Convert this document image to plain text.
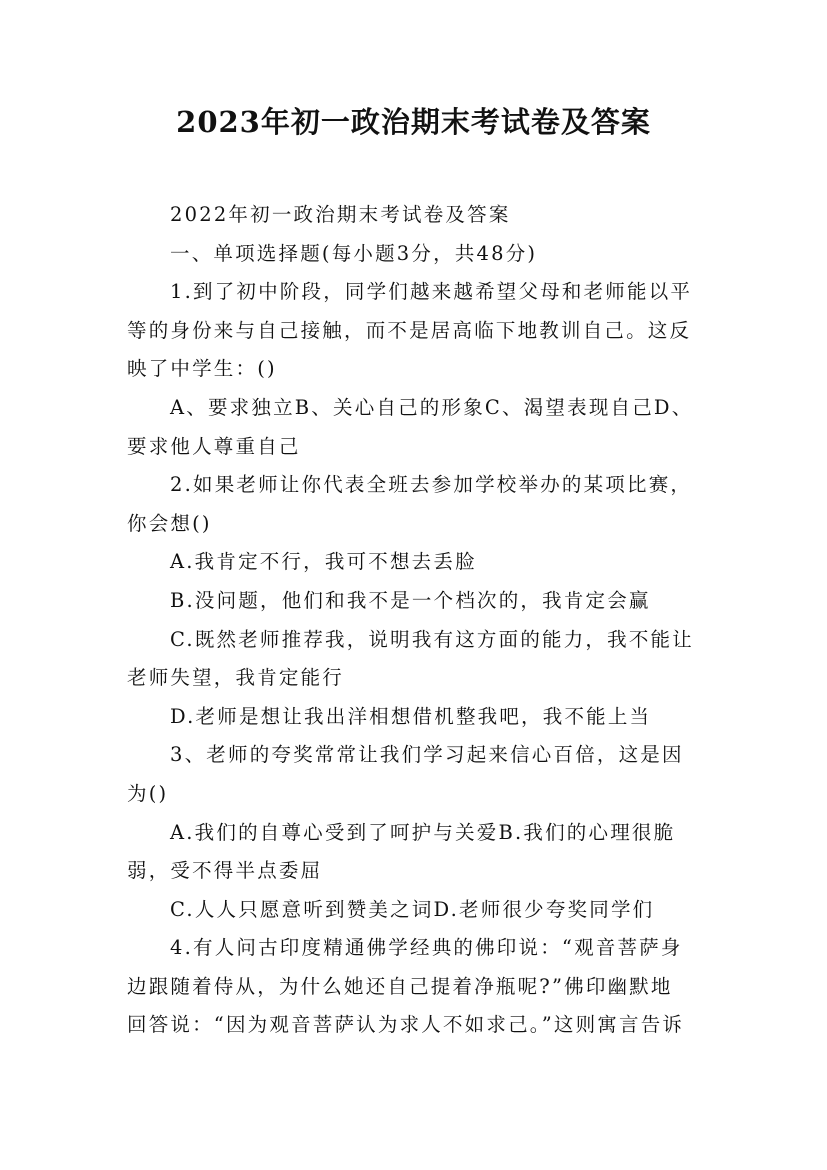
2023年初一政治期末考试卷及答案
2022年初一政治期末考试卷及答案
一、单项选择题(每小题3分，共48分)
1.到了初中阶段，同学们越来越希望父母和老师能以平
等的身份来与自己接触，而不是居高临下地教训自己。这反
映了中学生：()
A、要求独立B、关心自己的形象C、渴望表现自己D、
要求他人尊重自己
2.如果老师让你代表全班去参加学校举办的某项比赛，
你会想()
A.我肯定不行，我可不想去丢脸
B.没问题，他们和我不是一个档次的，我肯定会赢
C.既然老师推荐我，说明我有这方面的能力，我不能让
老师失望，我肯定能行
D.老师是想让我出洋相想借机整我吧，我不能上当
3、老师的夸奖常常让我们学习起来信心百倍，这是因
为()
A.我们的自尊心受到了呵护与关爱B.我们的心理很脆
弱，受不得半点委屈
C.人人只愿意听到赞美之词D.老师很少夸奖同学们
4.有人问古印度精通佛学经典的佛印说：“观音菩萨身
边跟随着侍从，为什么她还自己提着净瓶呢?”佛印幽默地
回答说：“因为观音菩萨认为求人不如求己。”这则寓言告诉
